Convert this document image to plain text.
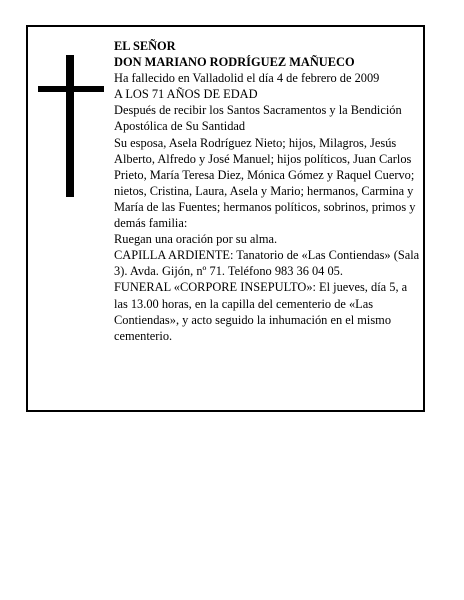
EL SEÑOR

DON MARIANO RODRÍGUEZ MAÑUECO

Ha fallecido en Valladolid el día 4 de febrero de 2009

A LOS 71 AÑOS DE EDAD

Después de recibir los Santos Sacramentos y la Bendición Apostólica de Su Santidad

Su esposa, Asela Rodríguez Nieto; hijos, Milagros, Jesús Alberto, Alfredo y José Manuel; hijos políticos, Juan Carlos Prieto, María Teresa Diez, Mónica Gómez y Raquel Cuervo; nietos, Cristina, Laura, Asela y Mario; hermanos, Carmina y María de las Fuentes; hermanos políticos, sobrinos, primos y demás familia:

Ruegan una oración por su alma.

CAPILLA ARDIENTE: Tanatorio de «Las Contiendas» (Sala 3). Avda. Gijón, nº 71. Teléfono 983 36 04 05.

FUNERAL «CORPORE INSEPULTO»: El jueves, día 5, a las 13.00 horas, en la capilla del cementerio de «Las Contiendas», y acto seguido la inhumación en el mismo cementerio.
